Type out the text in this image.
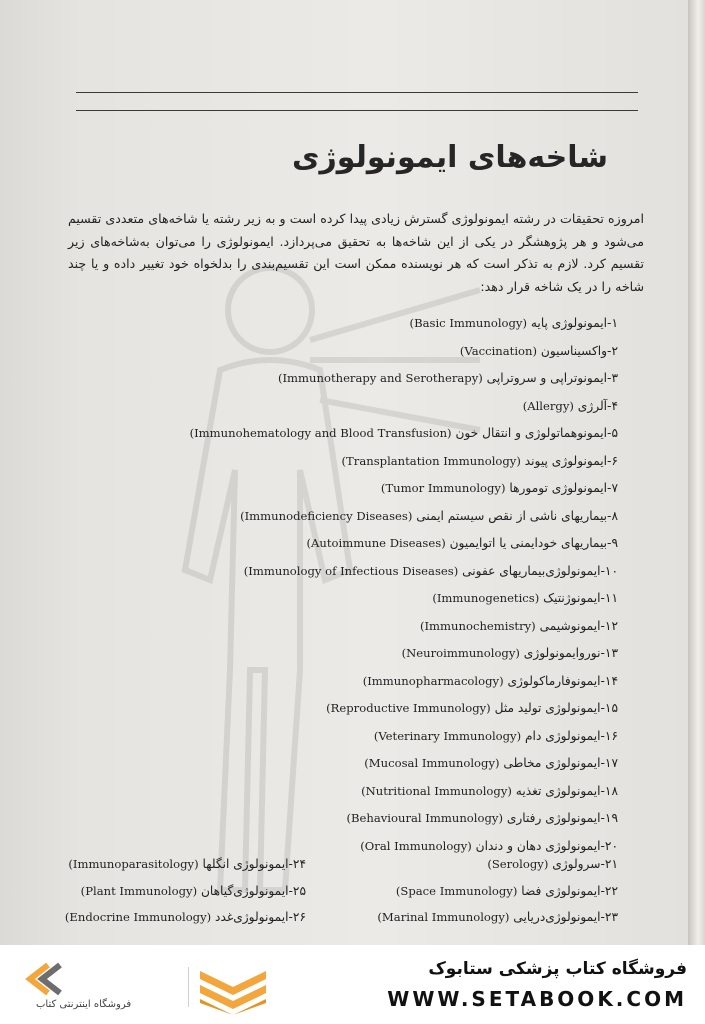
شاخه‌های ایمونولوژی

امروزه تحقیقات در رشته ایمونولوژی گسترش زیادی پیدا کرده است و به زیر رشته یا شاخه‌های متعددی تقسیم می‌شود و هر پژوهشگر در یکی از این شاخه‌ها به تحقیق می‌پردازد. ایمونولوژی را می‌توان به‌شاخه‌های زیر تقسیم کرد. لازم به تذکر است که هر نویسنده ممکن است این تقسیم‌بندی را بدلخواه خود تغییر داده و یا چند شاخه را در یک شاخه قرار دهد:

۱-ایمونولوژی پایه (Basic Immunology)
۲-واکسیناسیون (Vaccination)
۳-ایمونوتراپی و سروتراپی (Immunotherapy and Serotherapy)
۴-آلرژی (Allergy)
۵-ایمونوهماتولوژی و انتقال خون (Immunohematology and Blood Transfusion)
۶-ایمونولوژی پیوند (Transplantation Immunology)
۷-ایمونولوژی تومورها (Tumor Immunology)
۸-بیماریهای ناشی از نقص سیستم ایمنی (Immunodeficiency Diseases)
۹-بیماریهای خودایمنی یا اتوایمیون (Autoimmune Diseases)
۱۰-ایمونولوژی‌بیماریهای عفونی (Immunology of Infectious Diseases)
۱۱-ایمونوژنتیک (Immunogenetics)
۱۲-ایمونوشیمی (Immunochemistry)
۱۳-نوروایمونولوژی (Neuroimmunology)
۱۴-ایمونوفارماکولوژی (Immunopharmacology)
۱۵-ایمونولوژی تولید مثل (Reproductive Immunology)
۱۶-ایمونولوژی دام (Veterinary Immunology)
۱۷-ایمونولوژی مخاطی (Mucosal Immunology)
۱۸-ایمونولوژی تغذیه (Nutritional Immunology)
۱۹-ایمونولوژی رفتاری (Behavioural Immunology)
۲۰-ایمونولوژی دهان و دندان (Oral Immunology)
۲۱-سرولوژی (Serology)
۲۲-ایمونولوژی فضا (Space Immunology)
۲۳-ایمونولوژی‌دریایی (Marinal Immunology)
۲۴-ایمونولوژی انگلها (Immunoparasitology)
۲۵-ایمونولوژی‌گیاهان (Plant Immunology)
۲۶-ایمونولوژی‌غدد (Endocrine Immunology)

فروشگاه اینترنتی کتاب

فروشگاه کتاب پزشکی ستابوک

WWW.SETABOOK.COM
